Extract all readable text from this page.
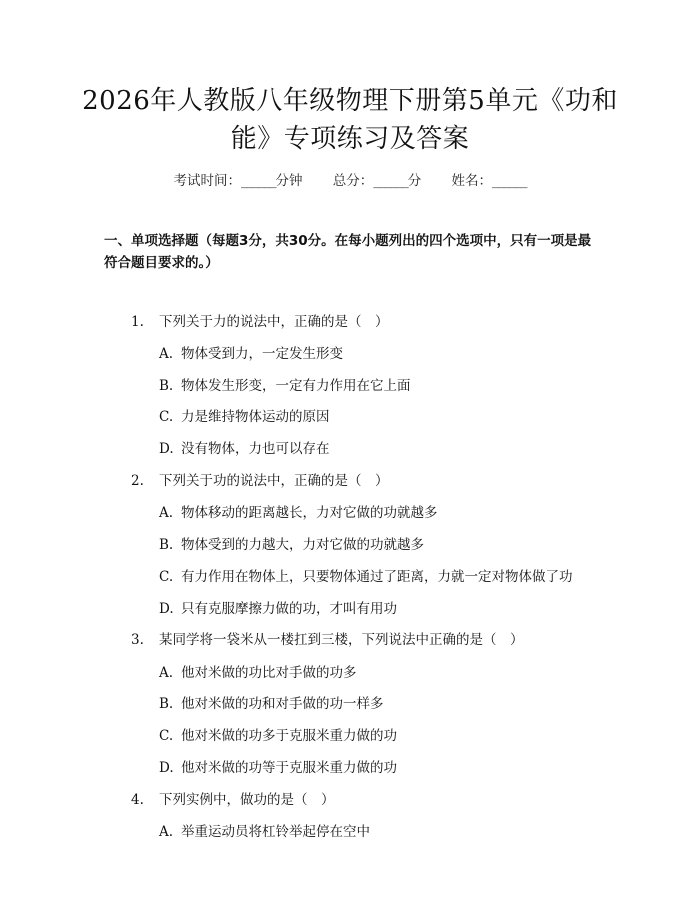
2026年人教版八年级物理下册第5单元《功和能》专项练习及答案
考试时间：______分钟 总分：______分 姓名：______
一、单项选择题（每题3分，共30分。在每小题列出的四个选项中，只有一项是最符合题目要求的。）
1. 下列关于力的说法中，正确的是（　）
A. 物体受到力，一定发生形变
B. 物体发生形变，一定有力作用在它上面
C. 力是维持物体运动的原因
D. 没有物体，力也可以存在
2. 下列关于功的说法中，正确的是（　）
A. 物体移动的距离越长，力对它做的功就越多
B. 物体受到的力越大，力对它做的功就越多
C. 有力作用在物体上，只要物体通过了距离，力就一定对物体做了功
D. 只有克服摩擦力做的功，才叫有用功
3. 某同学将一袋米从一楼扛到三楼，下列说法中正确的是（　）
A. 他对米做的功比对手做的功多
B. 他对米做的功和对手做的功一样多
C. 他对米做的功多于克服米重力做的功
D. 他对米做的功等于克服米重力做的功
4. 下列实例中，做功的是（　）
A. 举重运动员将杠铃举起停在空中
